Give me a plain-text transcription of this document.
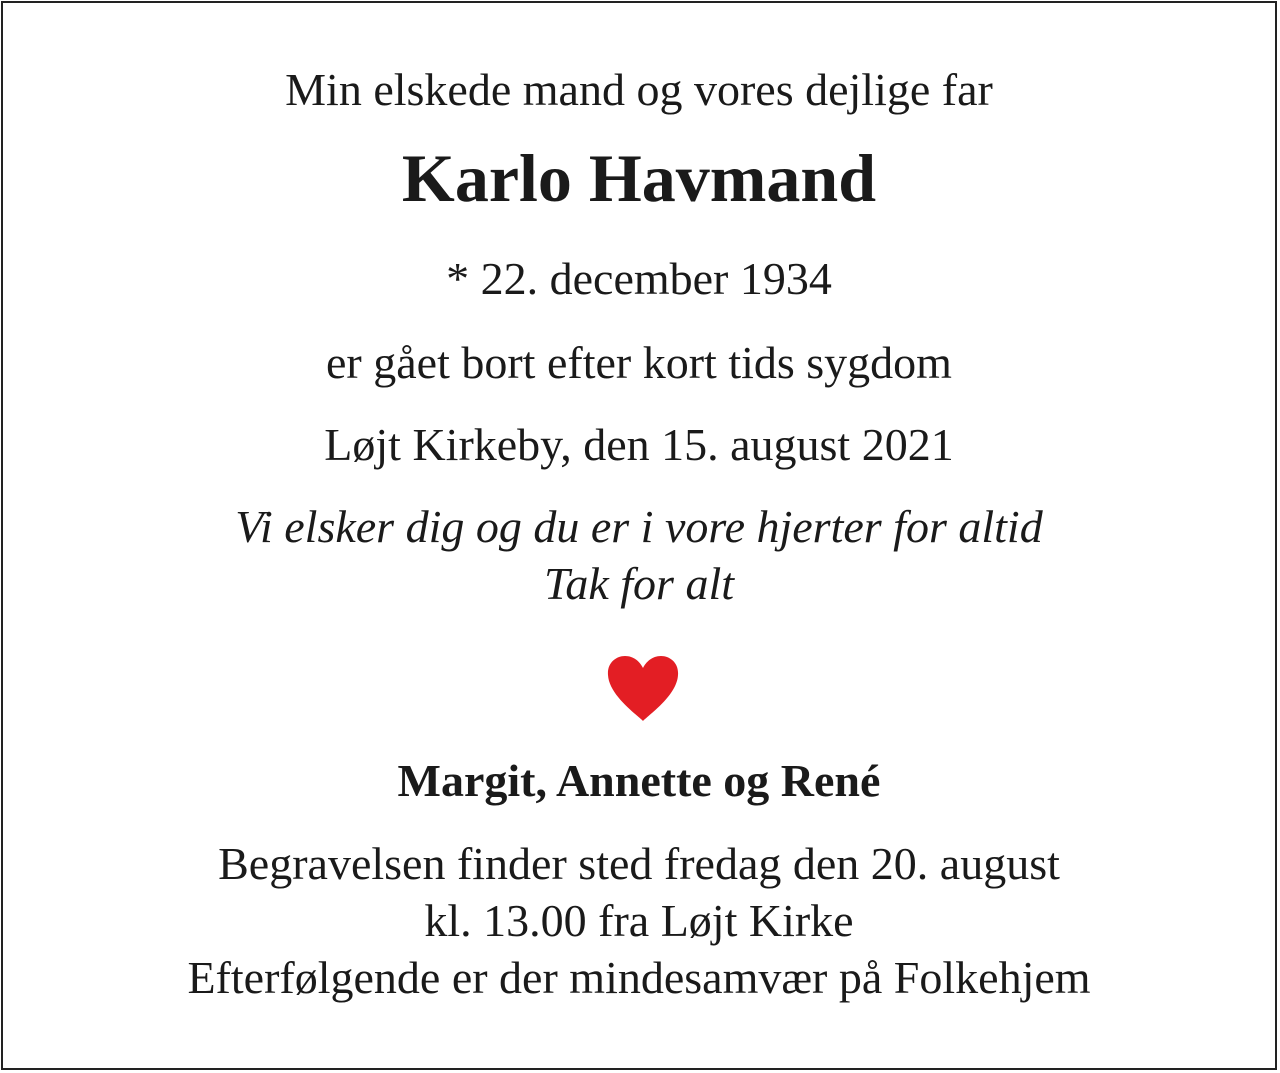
Min elskede mand og vores dejlige far
Karlo Havmand
* 22. december 1934
er gået bort efter kort tids sygdom
Løjt Kirkeby, den 15. august 2021
Vi elsker dig og du er i vore hjerter for altid
Tak for alt
Margit, Annette og René
Begravelsen finder sted fredag den 20. august
kl. 13.00 fra Løjt Kirke
Efterfølgende er der mindesamvær på Folkehjem
